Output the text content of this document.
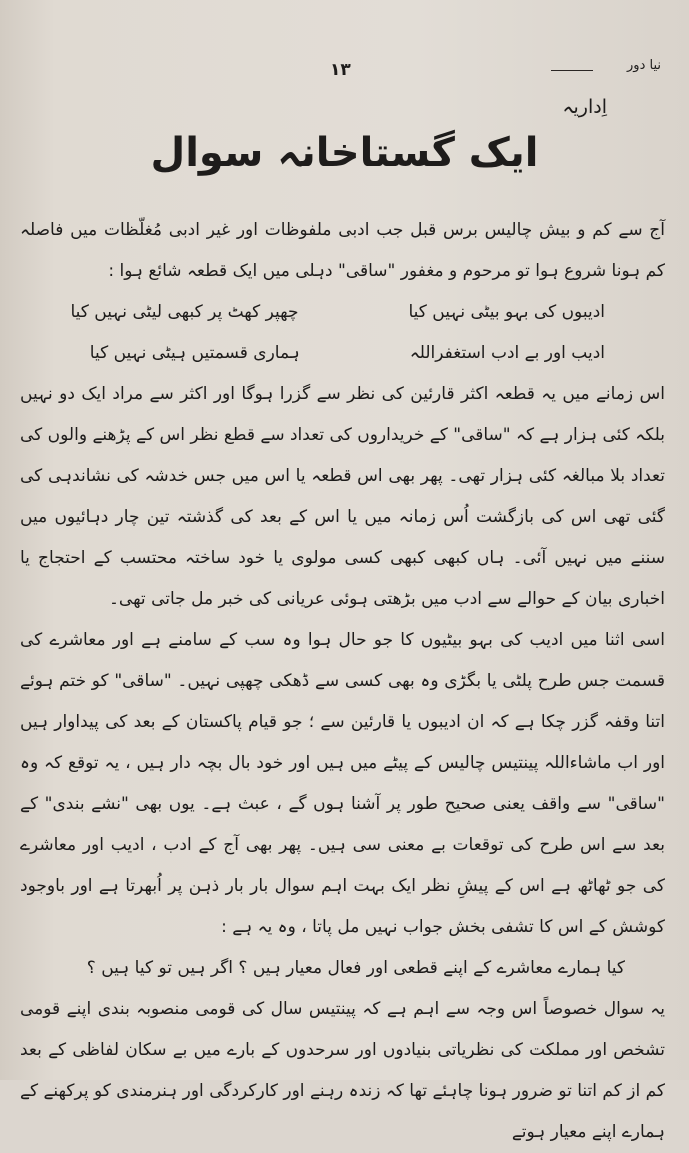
نیا دور
۱۳
اِداریہ
ایک گستاخانہ سوال

آج سے کم و بیش چالیس برس قبل جب ادبی ملفوظات اور غیر ادبی مُغلّظات میں فاصلہ کم ہونا شروع ہوا تو مرحوم و مغفور "ساقی" دہلی میں ایک قطعہ شائع ہوا :

ادیبوں کی بہو بیٹی نہیں کیا
چھپر کھٹ پر کبھی لیٹی نہیں کیا
ادیب اور بے ادب استغفراللہ
ہماری قسمتیں ہیٹی نہیں کیا

اس زمانے میں یہ قطعہ اکثر قارئین کی نظر سے گزرا ہوگا اور اکثر سے مراد ایک دو نہیں بلکہ کئی ہزار ہے کہ "ساقی" کے خریداروں کی تعداد سے قطع نظر اس کے پڑھنے والوں کی تعداد بلا مبالغہ کئی ہزار تھی۔ پھر بھی اس قطعہ یا اس میں جس خدشہ کی نشاندہی کی گئی تھی اس کی بازگشت اُس زمانہ میں یا اس کے بعد کی گذشتہ تین چار دہائیوں میں سننے میں نہیں آئی۔ ہاں کبھی کبھی کسی مولوی یا خود ساختہ محتسب کے احتجاج یا اخباری بیان کے حوالے سے ادب میں بڑھتی ہوئی عریانی کی خبر مل جاتی تھی۔

اسی اثنا میں ادیب کی بہو بیٹیوں کا جو حال ہوا وہ سب کے سامنے ہے اور معاشرے کی قسمت جس طرح پلٹی یا بگڑی وہ بھی کسی سے ڈھکی چھپی نہیں۔ "ساقی" کو ختم ہوئے اتنا وقفہ گزر چکا ہے کہ ان ادیبوں یا قارئین سے ؛ جو قیام پاکستان کے بعد کی پیداوار ہیں اور اب ماشاءاللہ پینتیس چالیس کے پیٹے میں ہیں اور خود بال بچہ دار ہیں ، یہ توقع کہ وہ "ساقی" سے واقف یعنی صحیح طور پر آشنا ہوں گے ، عبث ہے۔ یوں بھی "نشے بندی" کے بعد سے اس طرح کی توقعات بے معنی سی ہیں۔ پھر بھی آج کے ادب ، ادیب اور معاشرے کی جو ٹھاٹھ ہے اس کے پیشِ نظر ایک بہت اہم سوال بار بار ذہن پر اُبھرتا ہے اور باوجود کوشش کے اس کا تشفی بخش جواب نہیں مل پاتا ، وہ یہ ہے :

کیا ہمارے معاشرے کے اپنے قطعی اور فعال معیار ہیں ؟ اگر ہیں تو کیا ہیں ؟

یہ سوال خصوصاً اس وجہ سے اہم ہے کہ پینتیس سال کی قومی منصوبہ بندی اپنے قومی تشخص اور مملکت کی نظریاتی بنیادوں اور سرحدوں کے بارے میں بے سکان لفاظی کے بعد کم از کم اتنا تو ضرور ہونا چاہئے تھا کہ زندہ رہنے اور کارکردگی اور ہنرمندی کو پرکھنے کے ہمارے اپنے معیار ہوتے
